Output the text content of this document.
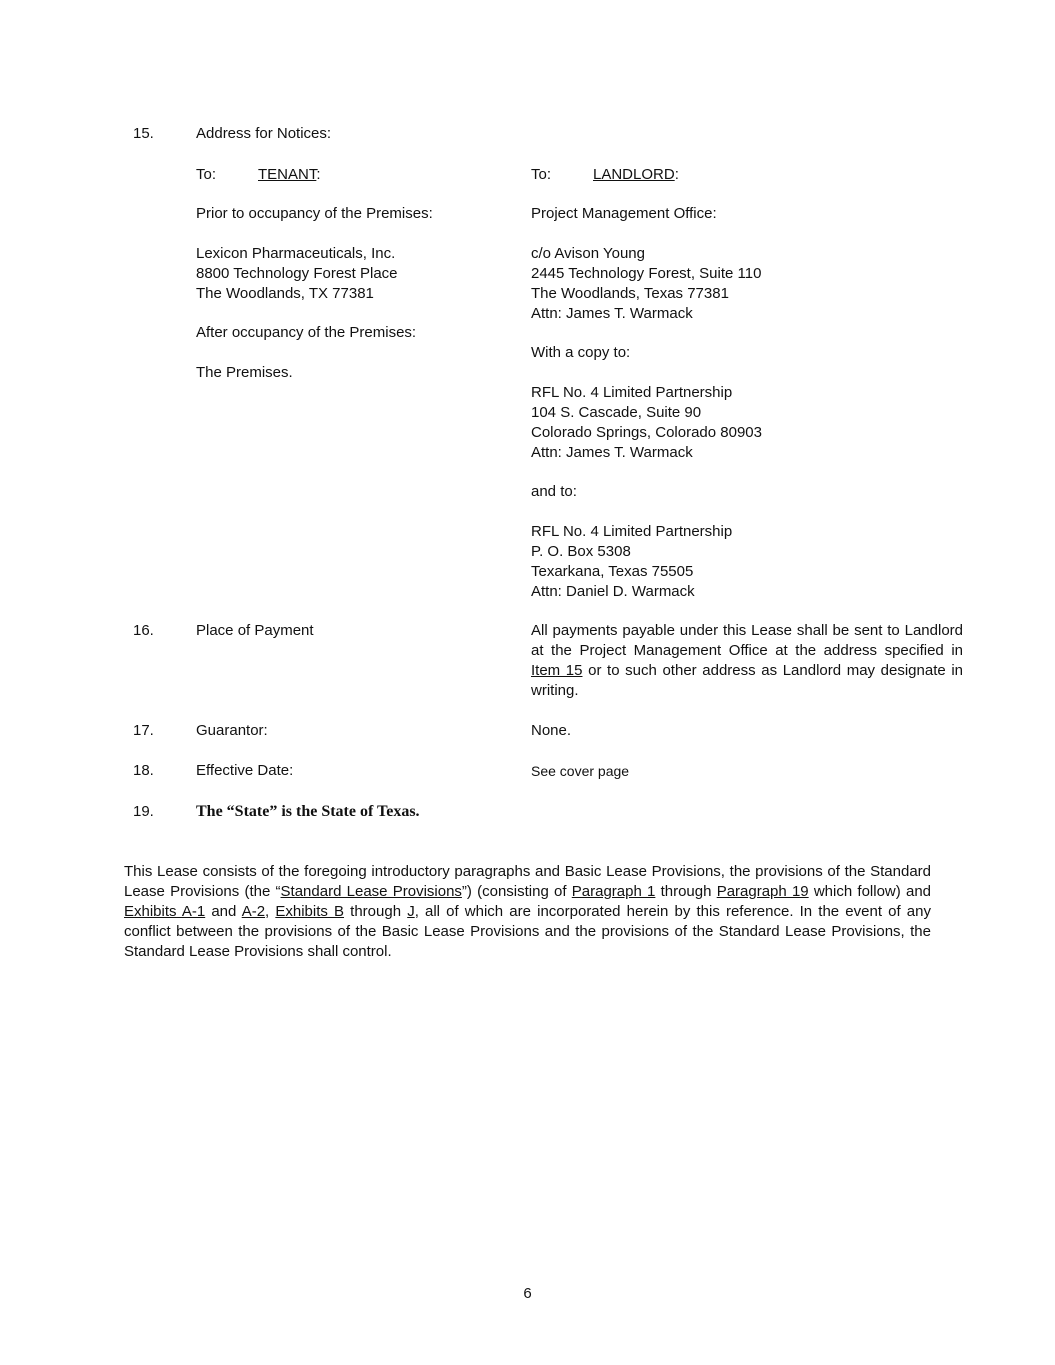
15.	Address for Notices:
To:	TENANT:
Prior to occupancy of the Premises:
Lexicon Pharmaceuticals, Inc.
8800 Technology Forest Place
The Woodlands, TX 77381
After occupancy of the Premises:
The Premises.
To:	LANDLORD:
Project Management Office:
c/o Avison Young
2445 Technology Forest, Suite 110
The Woodlands, Texas 77381
Attn: James T. Warmack
With a copy to:
RFL No. 4 Limited Partnership
104 S. Cascade, Suite 90
Colorado Springs, Colorado 80903
Attn: James T. Warmack
and to:
RFL No. 4 Limited Partnership
P. O. Box 5308
Texarkana, Texas 75505
Attn: Daniel D. Warmack
16.	Place of Payment	All payments payable under this Lease shall be sent to Landlord at the Project Management Office at the address specified in Item 15 or to such other address as Landlord may designate in writing.
17.	Guarantor:	None.
18.	Effective Date:	See cover page
19.	The “State” is the State of Texas.
This Lease consists of the foregoing introductory paragraphs and Basic Lease Provisions, the provisions of the Standard Lease Provisions (the “Standard Lease Provisions”) (consisting of Paragraph 1 through Paragraph 19 which follow) and Exhibits A-1 and A-2, Exhibits B through J, all of which are incorporated herein by this reference. In the event of any conflict between the provisions of the Basic Lease Provisions and the provisions of the Standard Lease Provisions, the Standard Lease Provisions shall control.
6
